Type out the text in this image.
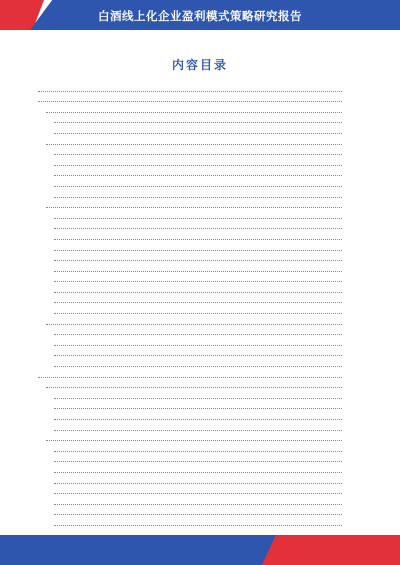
白酒线上化企业盈利模式策略研究报告
内容目录
